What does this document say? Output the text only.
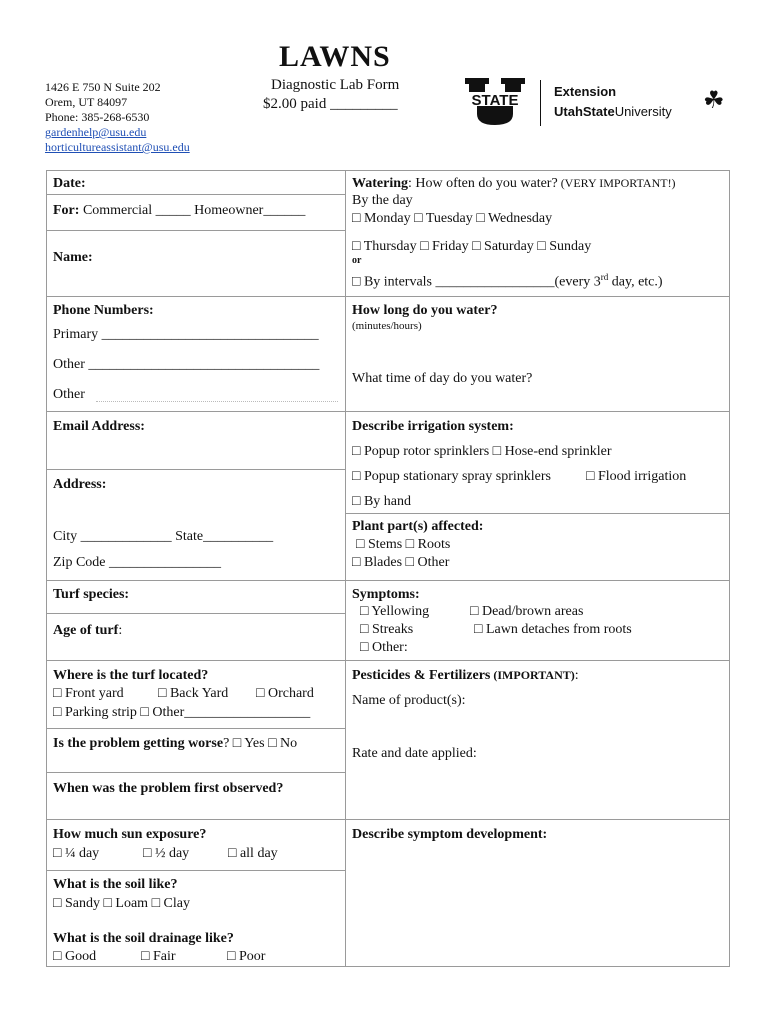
LAWNS
Diagnostic Lab Form
$2.00 paid _________
1426 E 750 N Suite 202
Orem, UT 84097
Phone: 385-268-6530
gardenhelp@usu.edu
horticultureassistant@usu.edu
STATE
Extension
UtahStateUniversity ☘
Date:
For: Commercial _____ Homeowner______
Name:
Phone Numbers:
Primary _______________________________
Other _________________________________
Other
Email Address:
Address:
City _____________ State__________
Zip Code ________________
Turf species:
Age of turf:
Where is the turf located?
□ Front yard □ Back Yard □ Orchard
□ Parking strip □ Other__________________
Is the problem getting worse? □ Yes □ No
When was the problem first observed?
How much sun exposure?
□ ¼ day	□ ½ day	□ all day
What is the soil like?
□ Sandy □ Loam □ Clay
What is the soil drainage like?
□ Good	□ Fair	□ Poor
Watering: How often do you water? (VERY IMPORTANT!)
By the day
□ Monday □ Tuesday □ Wednesday
□ Thursday □ Friday □ Saturday □ Sunday
or
□ By intervals _________________(every 3rd day, etc.)
How long do you water?
(minutes/hours)
What time of day do you water?
Describe irrigation system:
□ Popup rotor sprinklers □ Hose-end sprinkler
□ Popup stationary spray sprinklers	□ Flood irrigation
□ By hand
Plant part(s) affected:
□ Stems □ Roots
□ Blades □ Other
Symptoms:
□ Yellowing	□ Dead/brown areas
□ Streaks	□ Lawn detaches from roots
□ Other:
Pesticides & Fertilizers (IMPORTANT):
Name of product(s):
Rate and date applied:
Describe symptom development:
